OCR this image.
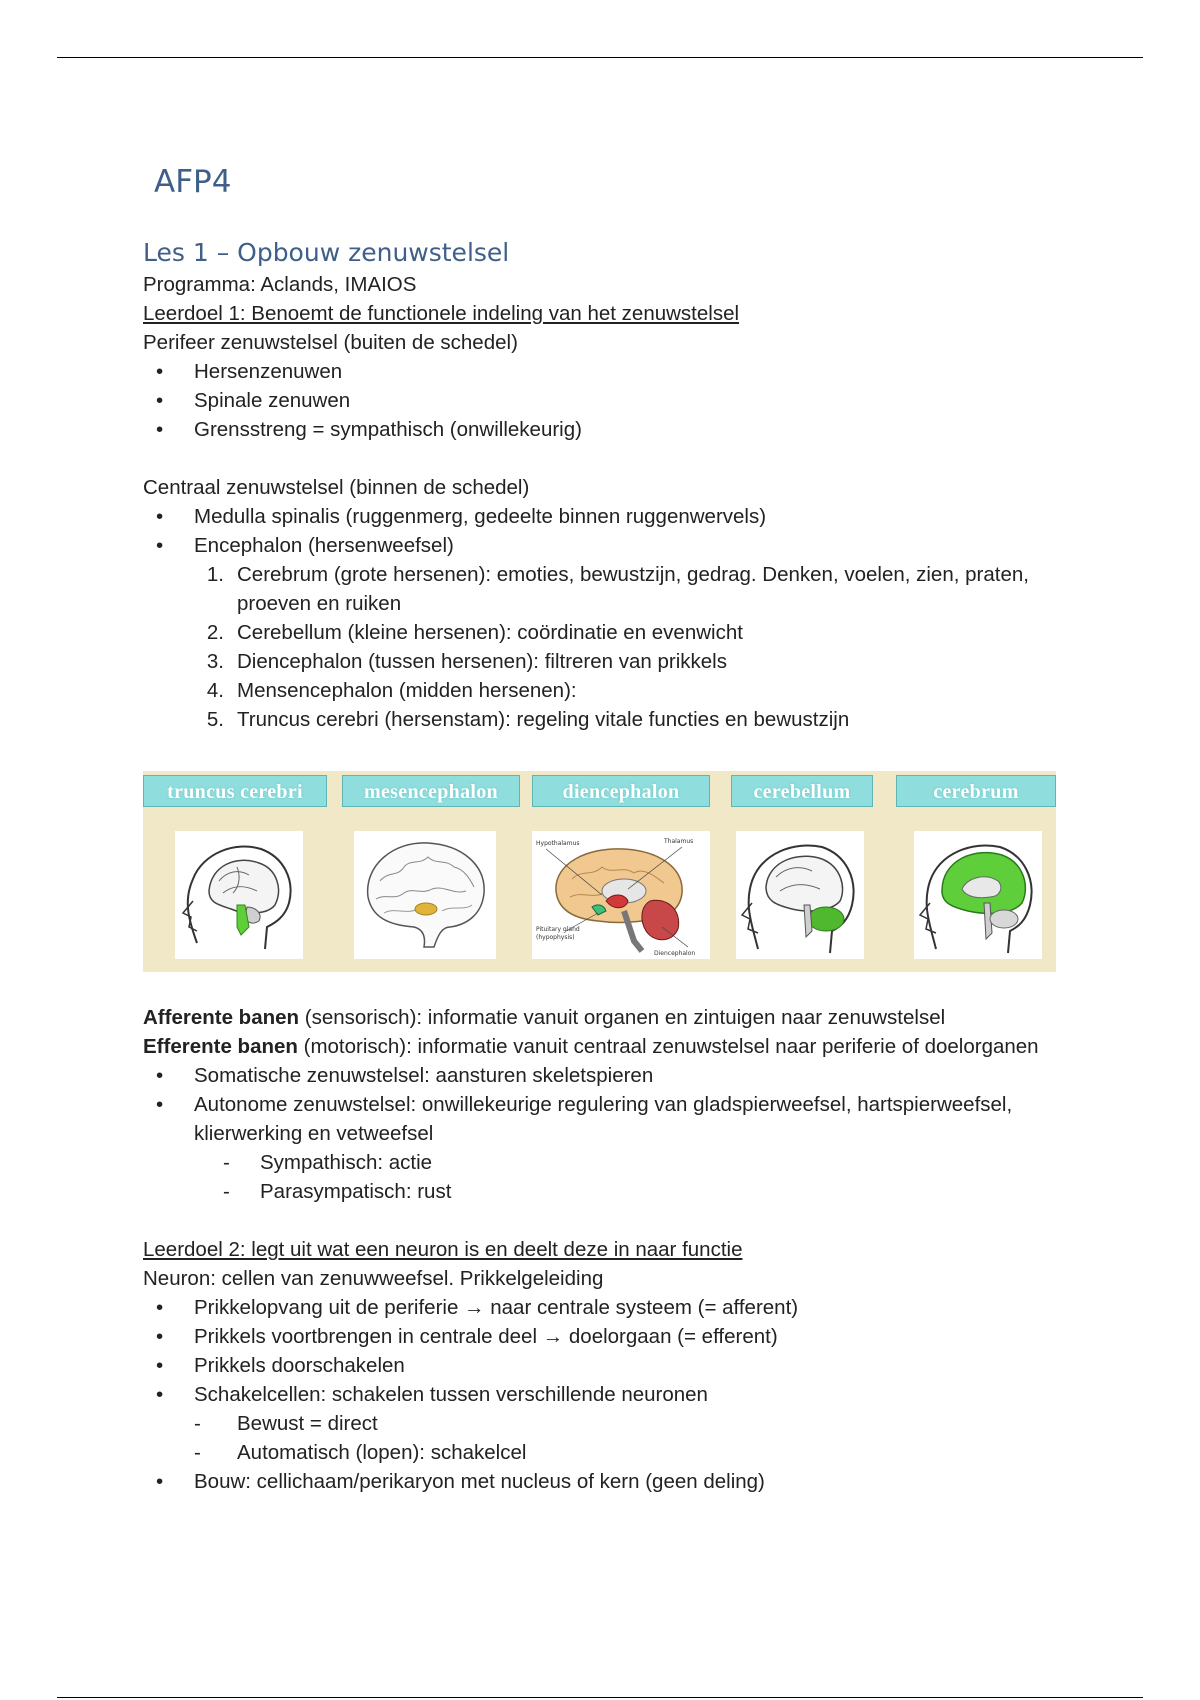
AFP4
Les 1 – Opbouw zenuwstelsel

Programma: Aclands, IMAIOS

Leerdoel 1: Benoemt de functionele indeling van het zenuwstelsel

Perifeer zenuwstelsel (buiten de schedel)

• Hersenzenuwen
• Spinale zenuwen
• Grensstreng = sympathisch (onwillekeurig)

Centraal zenuwstelsel (binnen de schedel)

• Medulla spinalis (ruggenmerg, gedeelte binnen ruggenwervels)
• Encephalon (hersenweefsel)
1. Cerebrum (grote hersenen): emoties, bewustzijn, gedrag. Denken, voelen, zien, praten, proeven en ruiken
2. Cerebellum (kleine hersenen): coördinatie en evenwicht
3. Diencephalon (tussen hersenen): filtreren van prikkels
4. Mensencephalon (midden hersenen):
5. Truncus cerebri (hersenstam): regeling vitale functies en bewustzijn
truncus cerebri	mesencephalon	diencephalon	cerebellum	cerebrum
Hypothalamus	Thalamus
Pituitary gland
(hypophysis)
Diencephalon

Afferente banen (sensorisch): informatie vanuit organen en zintuigen naar zenuwstelsel

Efferente banen (motorisch): informatie vanuit centraal zenuwstelsel naar periferie of doelorganen

• Somatische zenuwstelsel: aansturen skeletspieren
• Autonome zenuwstelsel: onwillekeurige regulering van gladspierweefsel, hartspierweefsel, klierwerking en vetweefsel
- Sympathisch: actie
- Parasympatisch: rust

Leerdoel 2: legt uit wat een neuron is en deelt deze in naar functie

Neuron: cellen van zenuwweefsel. Prikkelgeleiding

• Prikkelopvang uit de periferie → naar centrale systeem (= afferent)
• Prikkels voortbrengen in centrale deel → doelorgaan (= efferent)
• Prikkels doorschakelen
• Schakelcellen: schakelen tussen verschillende neuronen
- Bewust = direct
- Automatisch (lopen): schakelcel
• Bouw: cellichaam/perikaryon met nucleus of kern (geen deling)
